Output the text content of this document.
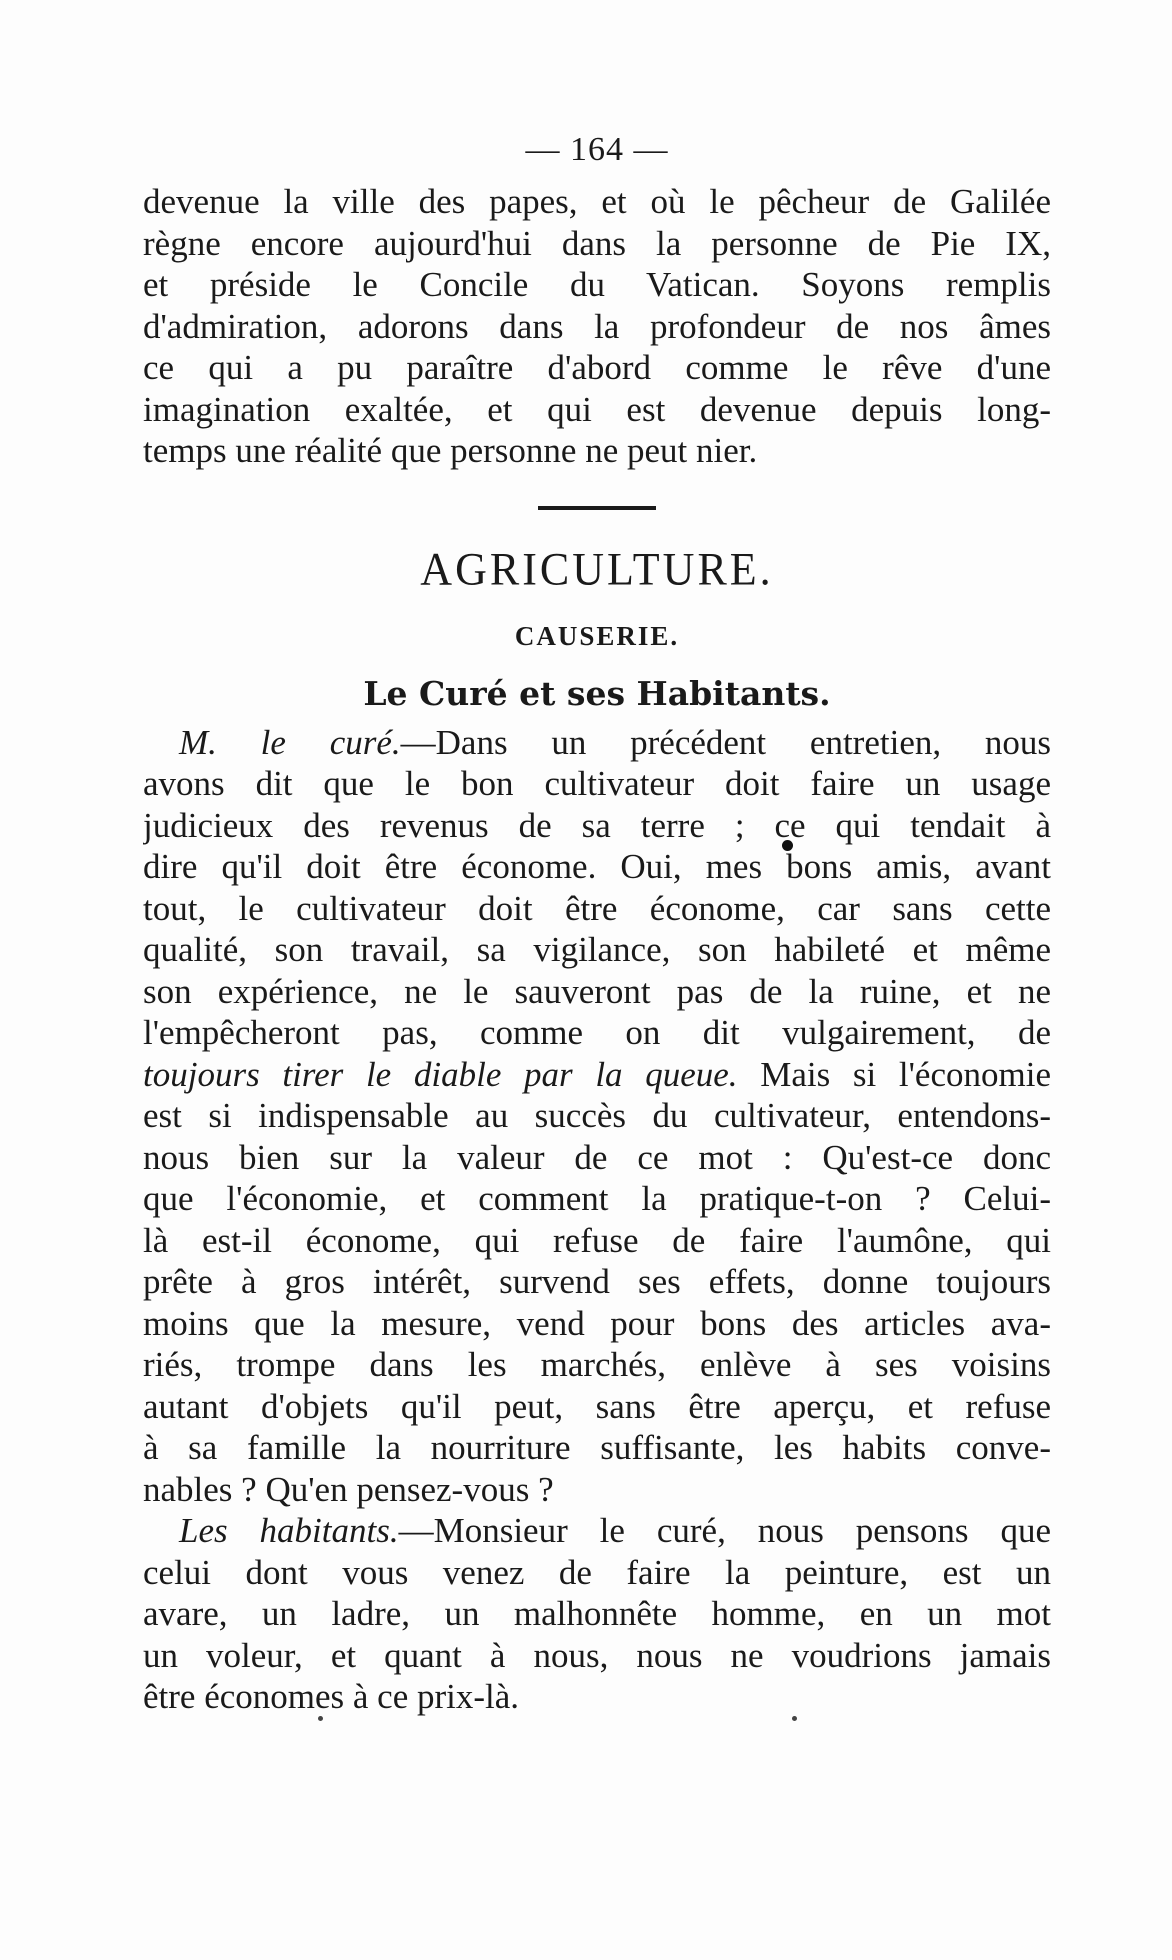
— 164 —
devenue la ville des papes, et où le pêcheur de Galilée
règne encore aujourd'hui dans la personne de Pie IX,
et préside le Concile du Vatican. Soyons remplis
d'admiration, adorons dans la profondeur de nos âmes
ce qui a pu paraître d'abord comme le rêve d'une
imagination exaltée, et qui est devenue depuis long-
temps une réalité que personne ne peut nier.
AGRICULTURE.
CAUSERIE.
Le Curé et ses Habitants.
M. le curé.—Dans un précédent entretien, nous
avons dit que le bon cultivateur doit faire un usage
judicieux des revenus de sa terre ; ce qui tendait à
dire qu'il doit être économe. Oui, mes bons amis, avant
tout, le cultivateur doit être économe, car sans cette
qualité, son travail, sa vigilance, son habileté et même
son expérience, ne le sauveront pas de la ruine, et ne
l'empêcheront pas, comme on dit vulgairement, de
toujours tirer le diable par la queue. Mais si l'économie
est si indispensable au succès du cultivateur, entendons-
nous bien sur la valeur de ce mot : Qu'est-ce donc
que l'économie, et comment la pratique-t-on ? Celui-
là est-il économe, qui refuse de faire l'aumône, qui
prête à gros intérêt, survend ses effets, donne toujours
moins que la mesure, vend pour bons des articles ava-
riés, trompe dans les marchés, enlève à ses voisins
autant d'objets qu'il peut, sans être aperçu, et refuse
à sa famille la nourriture suffisante, les habits conve-
nables ? Qu'en pensez-vous ?
Les habitants.—Monsieur le curé, nous pensons que
celui dont vous venez de faire la peinture, est un
avare, un ladre, un malhonnête homme, en un mot
un voleur, et quant à nous, nous ne voudrions jamais
être économes à ce prix-là.
